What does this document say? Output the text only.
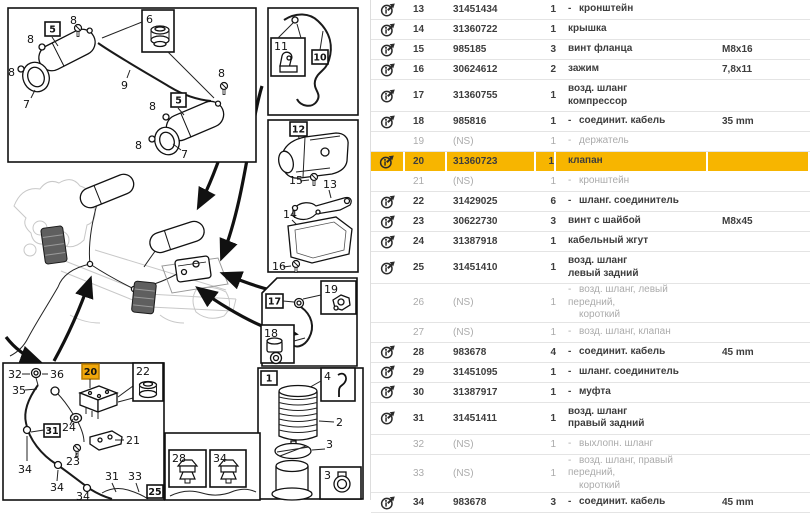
8
5
8
8
7
9
6
8
5
8
7
8
11
10
12
15 13
14
16
17
19
18
1	4
2
3
3
32	36
35
20	22
24
31
21
23
34
34
34
31 33
25
28 34
13	31451434	1 - кронштейн
14	31360722	1 крышка
15	985185	3 винт фланца	M8x16
16	30624612	2 зажим	7,8x11
17	31360755	1
возд. шланг
компрессор
18	985816	1 - соединит. кабель	35 mm
19	(NS)	1 - держатель
20	31360723	1 клапан
21	(NS)	1 - кронштейн
22	31429025	6 - шланг. соединитель
23	30622730	3 винт с шайбой	M8x45
24	31387918	1 кабельный жгут
25	31451410	1
возд. шланг
левый задний
26	(NS)	1
- возд. шланг, левый передний,
короткий
27	(NS)	1 - возд. шланг, клапан
28	983678	4 - соединит. кабель	45 mm
29	31451095	1 - шланг. соединитель
30	31387917	1 - муфта
31	31451411	1
возд. шланг
правый задний
32	(NS)	1 - выхлопн. шланг
33	(NS)	1
- возд. шланг, правый передний,
короткий
34	983678	3 - соединит. кабель	45 mm
